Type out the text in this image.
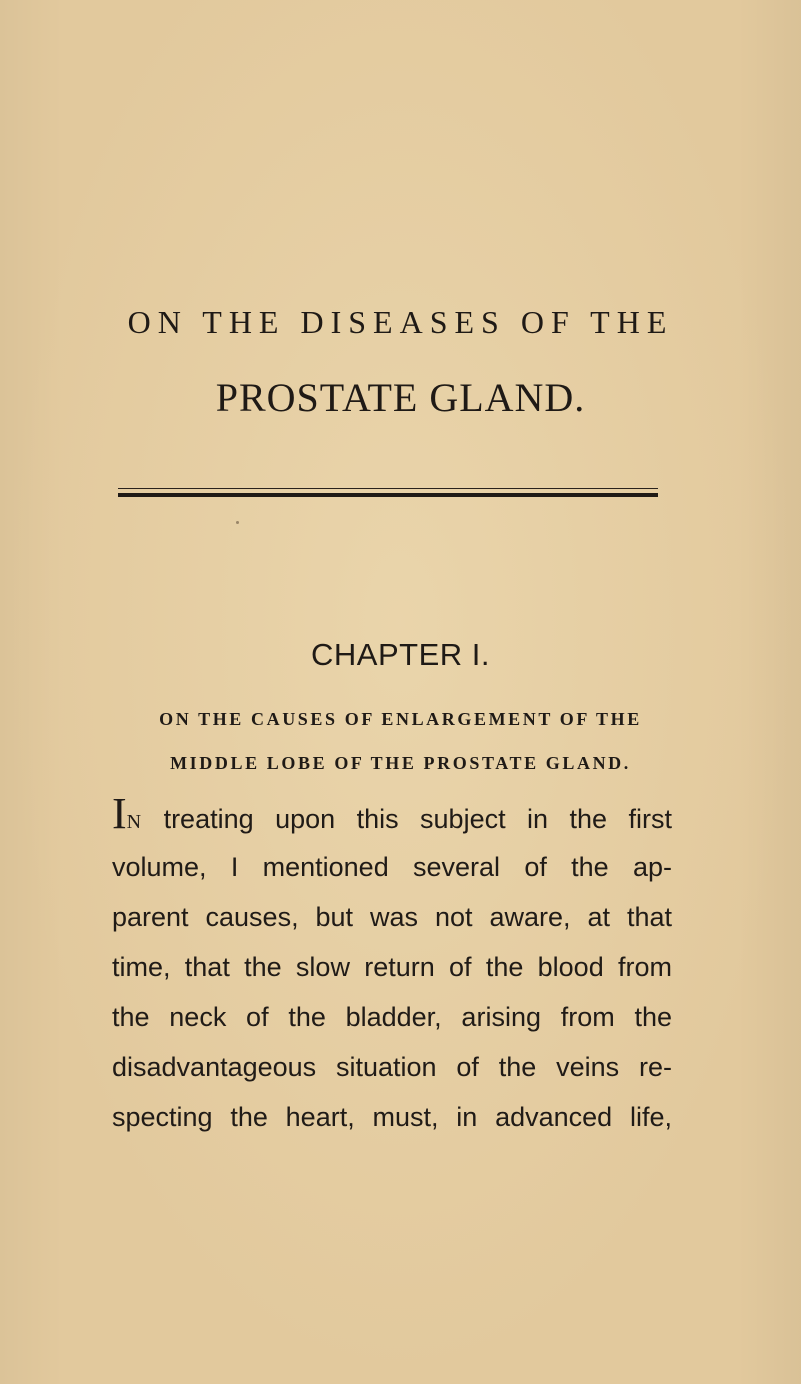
ON THE DISEASES OF THE
PROSTATE GLAND.
CHAPTER I.
ON THE CAUSES OF ENLARGEMENT OF THE
MIDDLE LOBE OF THE PROSTATE GLAND.
IN treating upon this subject in the first
volume, I mentioned several of the ap-
parent causes, but was not aware, at that
time, that the slow return of the blood from
the neck of the bladder, arising from the
disadvantageous situation of the veins re-
specting the heart, must, in advanced life,
